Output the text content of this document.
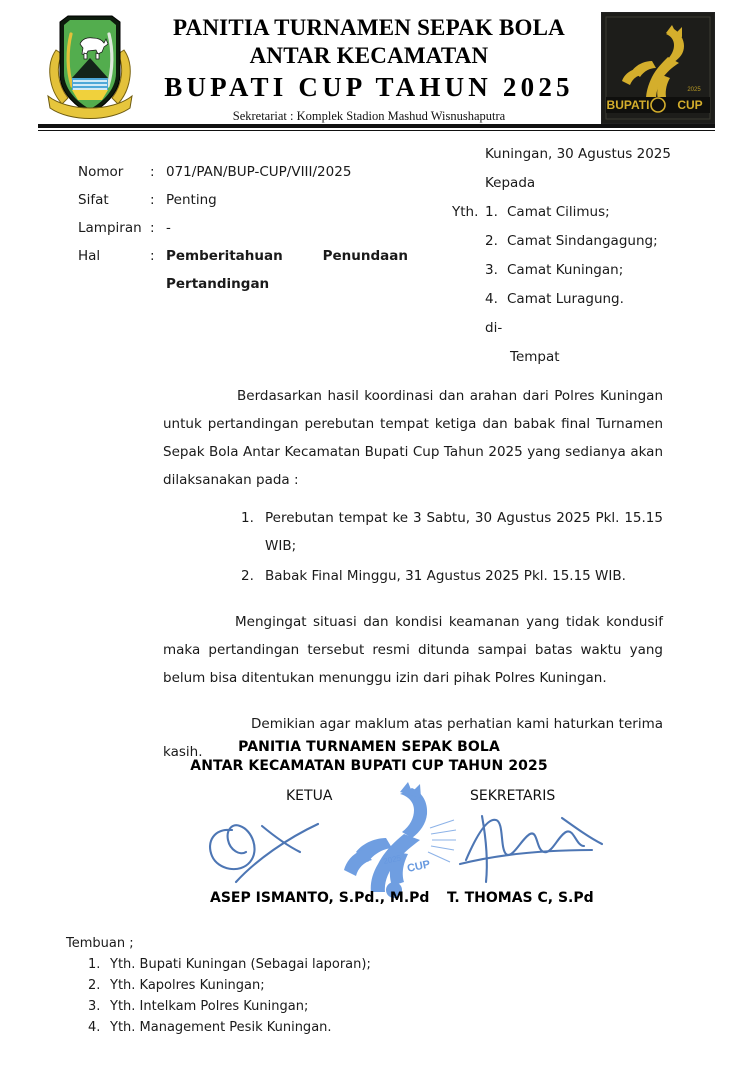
PANITIA TURNAMEN SEPAK BOLA
ANTAR KECAMATAN
BUPATI CUP TAHUN 2025
Sekretariat : Komplek Stadion Mashud Wisnushaputra
BUPATI CUP
2025
Nomor	: 071/PAN/BUP-CUP/VIII/2025
Sifat	: Penting
Lampiran : -
Hal	: Pemberitahuan	Penundaan
Pertandingan
Kuningan, 30 Agustus 2025
Kepada
Yth. 1. Camat Cilimus;
2. Camat Sindangagung;
3. Camat Kuningan;
4. Camat Luragung.
di-
Tempat

Berdasarkan hasil koordinasi dan arahan dari Polres Kuningan untuk pertandingan perebutan tempat ketiga dan babak final Turnamen Sepak Bola Antar Kecamatan Bupati Cup Tahun 2025 yang sedianya akan dilaksanakan pada :

1. Perebutan tempat ke 3 Sabtu, 30 Agustus 2025 Pkl. 15.15 WIB;
2. Babak Final Minggu, 31 Agustus 2025 Pkl. 15.15 WIB.

Mengingat situasi dan kondisi keamanan yang tidak kondusif maka pertandingan tersebut resmi ditunda sampai batas waktu yang belum bisa ditentukan menunggu izin dari pihak Polres Kuningan.

Demikian agar maklum atas perhatian kami haturkan terima kasih.	PANITIA TURNAMEN SEPAK BOLA
ANTAR KECAMATAN BUPATI CUP TAHUN 2025
KETUA	SEKRETARIS
CUP
2025
ASEP ISMANTO, S.Pd., M.Pd T. THOMAS C, S.Pd
Tembuan ;
1. Yth. Bupati Kuningan (Sebagai laporan);
2. Yth. Kapolres Kuningan;
3. Yth. Intelkam Polres Kuningan;
4. Yth. Management Pesik Kuningan.
